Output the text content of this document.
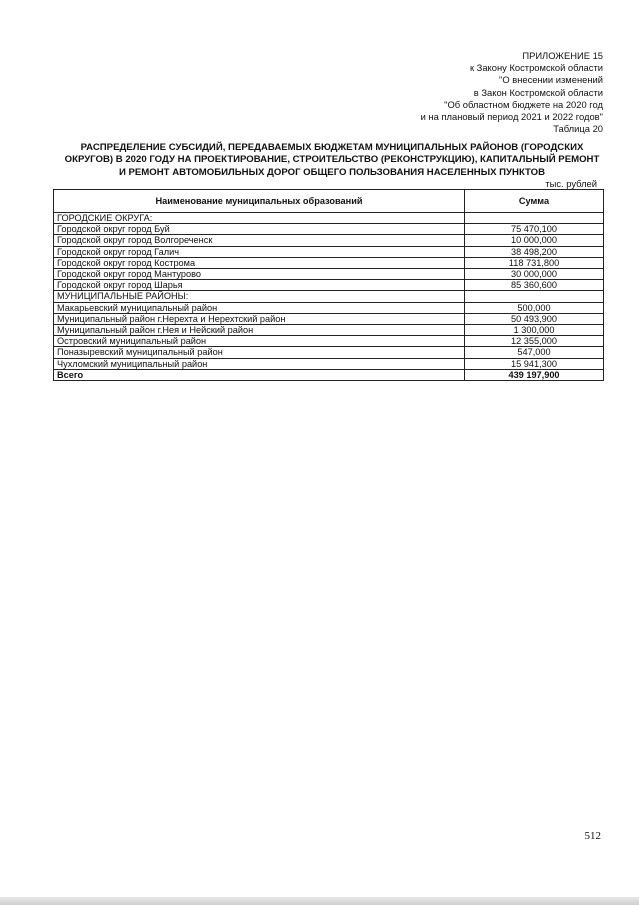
ПРИЛОЖЕНИЕ 15
к Закону Костромской области
"О внесении изменений
в Закон Костромской области
"Об областном бюджете на 2020 год
и на плановый период 2021 и 2022 годов"
Таблица 20
РАСПРЕДЕЛЕНИЕ СУБСИДИЙ, ПЕРЕДАВАЕМЫХ БЮДЖЕТАМ МУНИЦИПАЛЬНЫХ РАЙОНОВ (ГОРОДСКИХ
ОКРУГОВ) В 2020 ГОДУ НА ПРОЕКТИРОВАНИЕ, СТРОИТЕЛЬСТВО (РЕКОНСТРУКЦИЮ), КАПИТАЛЬНЫЙ РЕМОНТ
И РЕМОНТ АВТОМОБИЛЬНЫХ ДОРОГ ОБЩЕГО ПОЛЬЗОВАНИЯ НАСЕЛЕННЫХ ПУНКТОВ
тыс. рублей
Наименование муниципальных образований	Сумма
ГОРОДСКИЕ ОКРУГА:	
Городской округ город Буй	75 470,100
Городской округ город Волгореченск	10 000,000
Городской округ город Галич	38 498,200
Городской округ город Кострома	118 731,800
Городской округ город Мантурово	30 000,000
Городской округ город Шарья	85 360,600
МУНИЦИПАЛЬНЫЕ РАЙОНЫ:	
Макарьевский муниципальный район	500,000
Муниципальный район г.Нерехта и Нерехтский район	50 493,900
Муниципальный район г.Нея и Нейский район	1 300,000
Островский муниципальный район	12 355,000
Поназыревский муниципальный район	547,000
Чухломский муниципальный район	15 941,300
Всего	439 197,900
512
